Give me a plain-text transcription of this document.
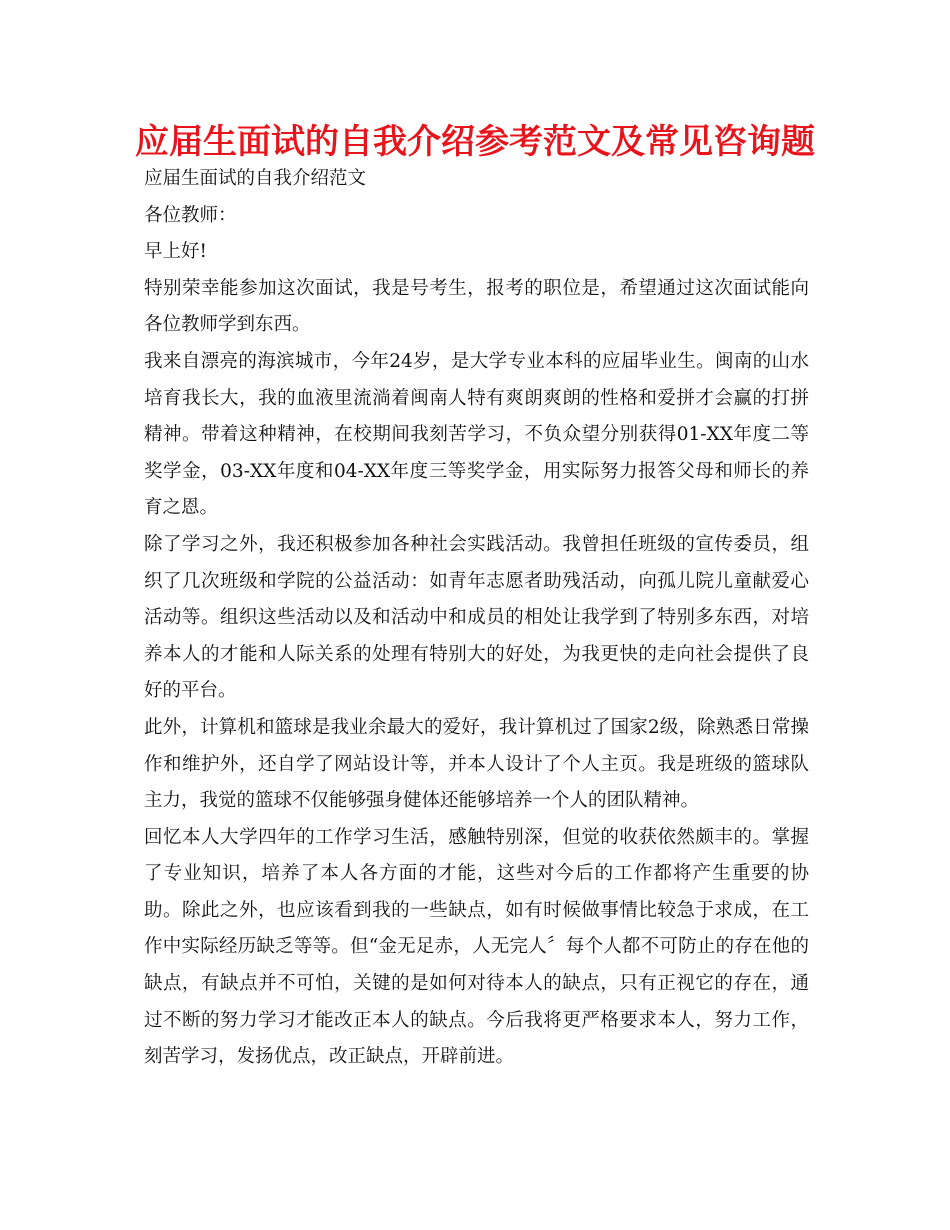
应届生面试的自我介绍参考范文及常见咨询题

应届生面试的自我介绍范文

各位教师：

早上好!

特别荣幸能参加这次面试，我是号考生，报考的职位是，希望通过这次面试能向各位教师学到东西。

我来自漂亮的海滨城市，今年24岁，是大学专业本科的应届毕业生。闽南的山水培育我长大，我的血液里流淌着闽南人特有爽朗爽朗的性格和爱拼才会赢的打拼精神。带着这种精神，在校期间我刻苦学习，不负众望分别获得01-XX年度二等奖学金，03-XX年度和04-XX年度三等奖学金，用实际努力报答父母和师长的养育之恩。

除了学习之外，我还积极参加各种社会实践活动。我曾担任班级的宣传委员，组织了几次班级和学院的公益活动：如青年志愿者助残活动，向孤儿院儿童献爱心活动等。组织这些活动以及和活动中和成员的相处让我学到了特别多东西，对培养本人的才能和人际关系的处理有特别大的好处，为我更快的走向社会提供了良好的平台。

此外，计算机和篮球是我业余最大的爱好，我计算机过了国家2级，除熟悉日常操作和维护外，还自学了网站设计等，并本人设计了个人主页。我是班级的篮球队主力，我觉的篮球不仅能够强身健体还能够培养一个人的团队精神。

回忆本人大学四年的工作学习生活，感触特别深，但觉的收获依然颇丰的。掌握了专业知识，培养了本人各方面的才能，这些对今后的工作都将产生重要的协助。除此之外，也应该看到我的一些缺点，如有时候做事情比较急于求成，在工作中实际经历缺乏等等。但“金无足赤，人无完人〞每个人都不可防止的存在他的缺点，有缺点并不可怕，关键的是如何对待本人的缺点，只有正视它的存在，通过不断的努力学习才能改正本人的缺点。今后我将更严格要求本人，努力工作，刻苦学习，发扬优点，改正缺点，开辟前进。
